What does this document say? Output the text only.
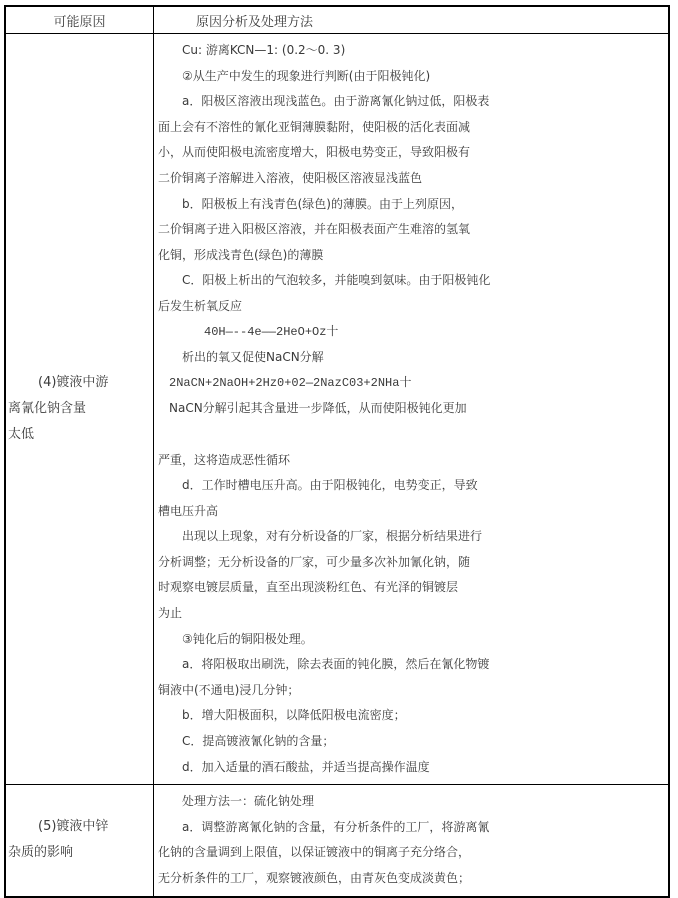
可能原因	原因分析及处理方法
(4)镀液中游
离氰化钠含量
太低
Cu: 游离KCN—1: (0.2～0. 3)
②从生产中发生的现象进行判断(由于阳极钝化)
a．阳极区溶液出现浅蓝色。由于游离氰化钠过低，阳极表
面上会有不溶性的氰化亚铜薄膜黏附，使阳极的活化表面减
小，从而使阳极电流密度增大，阳极电势变正，导致阳极有
二价铜离子溶解进入溶液，使阳极区溶液显浅蓝色
b．阳极板上有浅青色(绿色)的薄膜。由于上列原因，
二价铜离子进入阳极区溶液，并在阳极表面产生难溶的氢氧
化铜，形成浅青色(绿色)的薄膜
C．阳极上析出的气泡较多，并能嗅到氨味。由于阳极钝化
后发生析氧反应
40H—--4e——2HeO+Oz十
析出的氧又促使NaCN分解
2NaCN+2NaOH+2Hz0+02—2NazC03+2NHa十
NaCN分解引起其含量进一步降低，从而使阳极钝化更加
严重，这将造成恶性循环
d．工作时槽电压升高。由于阳极钝化，电势变正，导致
槽电压升高
出现以上现象，对有分析设备的厂家，根据分析结果进行
分析调整；无分析设备的厂家，可少量多次补加氰化钠，随
时观察电镀层质量，直至出现淡粉红色、有光泽的铜镀层
为止
③钝化后的铜阳极处理。
a．将阳极取出刷洗，除去表面的钝化膜，然后在氰化物镀
铜液中(不通电)浸几分钟；
b．增大阳极面积，以降低阳极电流密度；
C．提高镀液氰化钠的含量；
d．加入适量的酒石酸盐，并适当提高操作温度
(5)镀液中锌
杂质的影响
处理方法一：硫化钠处理
a．调整游离氰化钠的含量，有分析条件的工厂，将游离氰
化钠的含量调到上限值，以保证镀液中的铜离子充分络合，
无分析条件的工厂，观察镀液颜色，由青灰色变成淡黄色；
